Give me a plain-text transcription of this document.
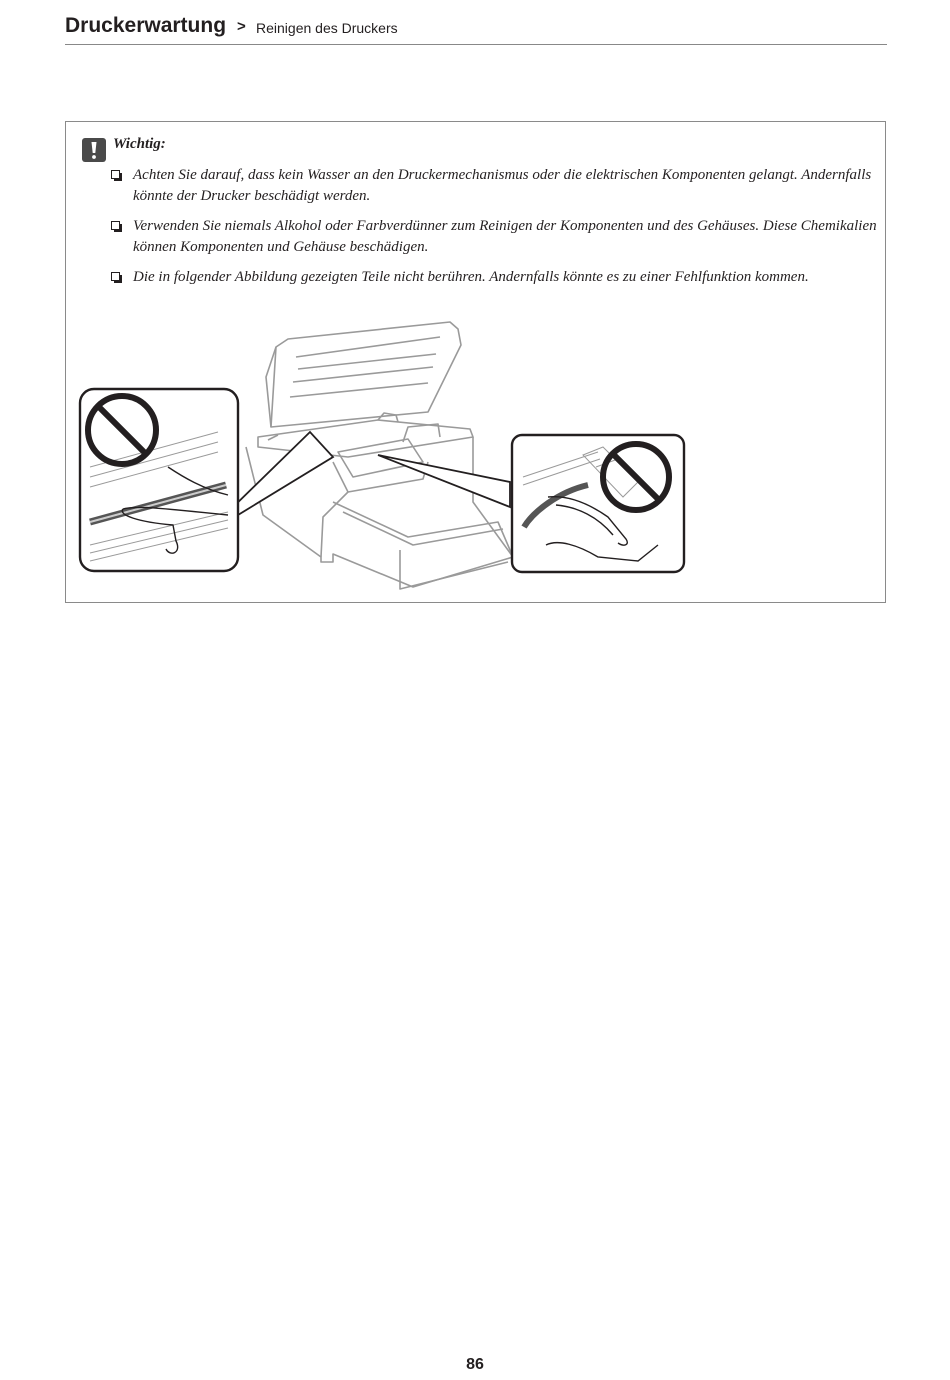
Druckerwartung > Reinigen des Druckers
Wichtig:
Achten Sie darauf, dass kein Wasser an den Druckermechanismus oder die elektrischen Komponenten gelangt. Andernfalls könnte der Drucker beschädigt werden.
Verwenden Sie niemals Alkohol oder Farbverdünner zum Reinigen der Komponenten und des Gehäuses. Diese Chemikalien können Komponenten und Gehäuse beschädigen.
Die in folgender Abbildung gezeigten Teile nicht berühren. Andernfalls könnte es zu einer Fehlfunktion kommen.
86
